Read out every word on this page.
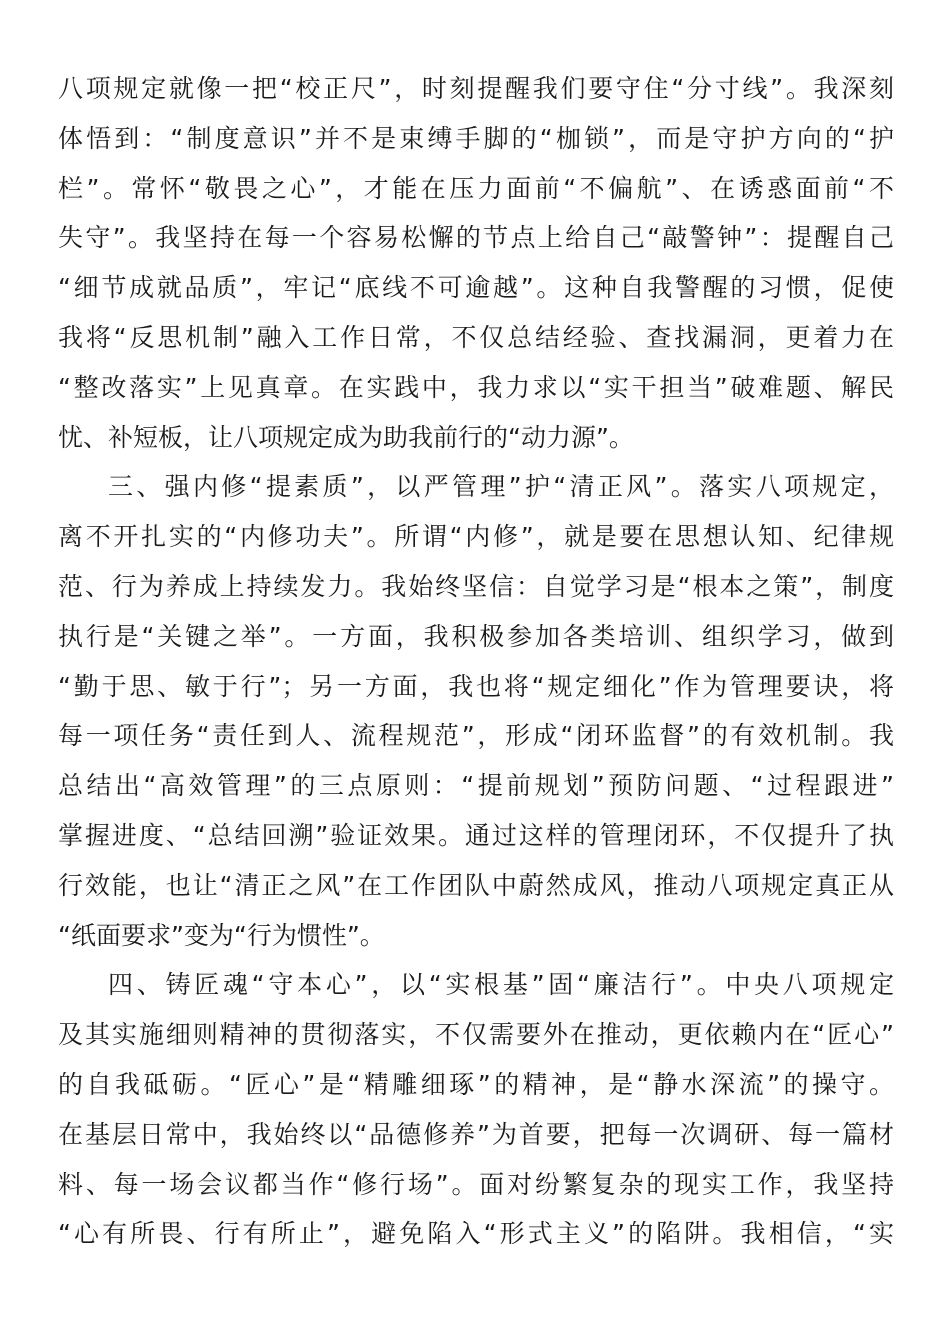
八项规定就像一把“校正尺”，时刻提醒我们要守住“分寸线”。我深刻
体悟到：“制度意识”并不是束缚手脚的“枷锁”，而是守护方向的“护
栏”。常怀“敬畏之心”，才能在压力面前“不偏航”、在诱惑面前“不
失守”。我坚持在每一个容易松懈的节点上给自己“敲警钟”：提醒自己
“细节成就品质”，牢记“底线不可逾越”。这种自我警醒的习惯，促使
我将“反思机制”融入工作日常，不仅总结经验、查找漏洞，更着力在
“整改落实”上见真章。在实践中，我力求以“实干担当”破难题、解民
忧、补短板，让八项规定成为助我前行的“动力源”。
三、强内修“提素质”，以严管理”护“清正风”。落实八项规定，
离不开扎实的“内修功夫”。所谓“内修”，就是要在思想认知、纪律规
范、行为养成上持续发力。我始终坚信：自觉学习是“根本之策”，制度
执行是“关键之举”。一方面，我积极参加各类培训、组织学习，做到
“勤于思、敏于行”；另一方面，我也将“规定细化”作为管理要诀，将
每一项任务“责任到人、流程规范”，形成“闭环监督”的有效机制。我
总结出“高效管理”的三点原则：“提前规划”预防问题、“过程跟进”
掌握进度、“总结回溯”验证效果。通过这样的管理闭环，不仅提升了执
行效能，也让“清正之风”在工作团队中蔚然成风，推动八项规定真正从
“纸面要求”变为“行为惯性”。
四、铸匠魂“守本心”，以“实根基”固“廉洁行”。中央八项规定
及其实施细则精神的贯彻落实，不仅需要外在推动，更依赖内在“匠心”
的自我砥砺。“匠心”是“精雕细琢”的精神，是“静水深流”的操守。
在基层日常中，我始终以“品德修养”为首要，把每一次调研、每一篇材
料、每一场会议都当作“修行场”。面对纷繁复杂的现实工作，我坚持
“心有所畏、行有所止”，避免陷入“形式主义”的陷阱。我相信，“实
